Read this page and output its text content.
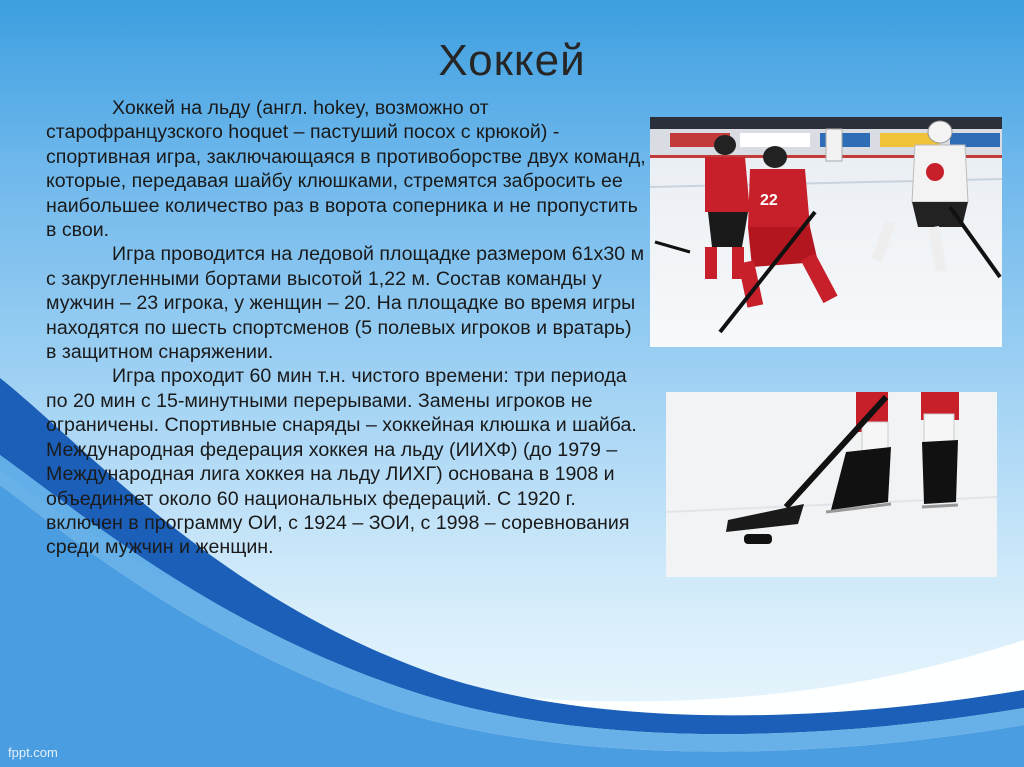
Хоккей

Хоккей на льду (англ. hokey, возможно от старофранцузского hoquet – пастуший посох с крюкой) - спортивная игра, заключающаяся в противоборстве двух команд, которые, передавая шайбу клюшками, стремятся забросить ее наибольшее количество раз в ворота соперника и не пропустить в свои.

Игра проводится на ледовой площадке размером 61х30 м с закругленными бортами высотой 1,22 м. Состав команды у мужчин – 23 игрока, у женщин – 20. На площадке во время игры находятся по шесть спортсменов (5 полевых игроков и вратарь) в защитном снаряжении.

Игра проходит 60 мин т.н. чистого времени: три периода по 20 мин с 15-минутными перерывами. Замены игроков не ограничены. Спортивные снаряды – хоккейная клюшка и шайба. Международная федерация хоккея на льду (ИИХФ) (до 1979 – Международная лига хоккея на льду ЛИХГ) основана в 1908 и объединяет около 60 национальных федераций. С 1920 г. включен в программу ОИ, с 1924 – ЗОИ, с 1998 – соревнования среди мужчин и женщин.

22
fppt.com
